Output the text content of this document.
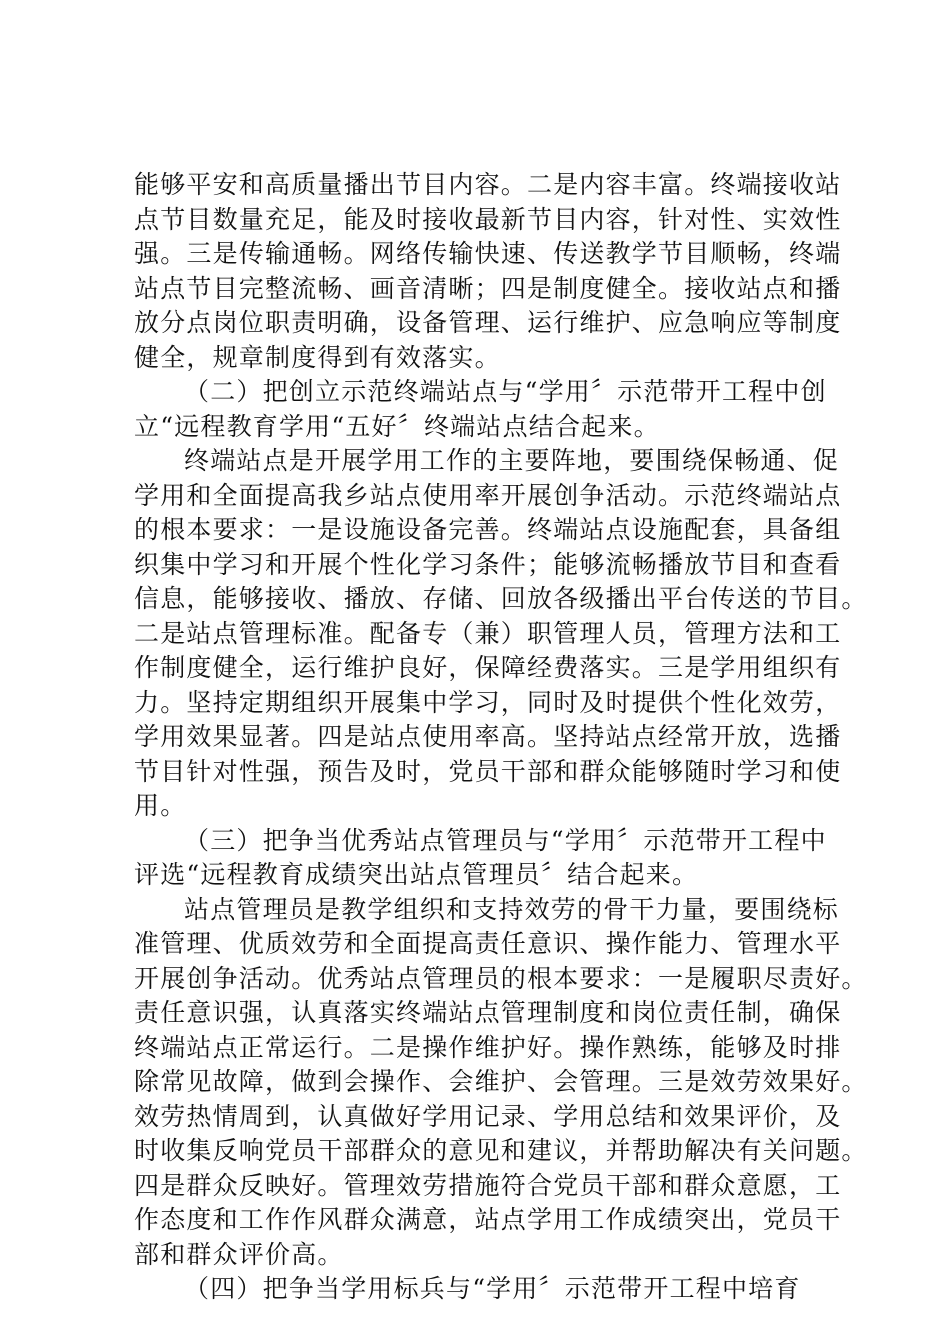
能够平安和高质量播出节目内容。二是内容丰富。终端接收站
点节目数量充足，能及时接收最新节目内容，针对性、实效性
强。三是传输通畅。网络传输快速、传送教学节目顺畅，终端
站点节目完整流畅、画音清晰；四是制度健全。接收站点和播
放分点岗位职责明确，设备管理、运行维护、应急响应等制度
健全，规章制度得到有效落实。
（二）把创立示范终端站点与“学用〞示范带开工程中创
立“远程教育学用“五好〞终端站点结合起来。
终端站点是开展学用工作的主要阵地，要围绕保畅通、促
学用和全面提高我乡站点使用率开展创争活动。示范终端站点
的根本要求：一是设施设备完善。终端站点设施配套，具备组
织集中学习和开展个性化学习条件；能够流畅播放节目和查看
信息，能够接收、播放、存储、回放各级播出平台传送的节目。
二是站点管理标准。配备专（兼）职管理人员，管理方法和工
作制度健全，运行维护良好，保障经费落实。三是学用组织有
力。坚持定期组织开展集中学习，同时及时提供个性化效劳，
学用效果显著。四是站点使用率高。坚持站点经常开放，选播
节目针对性强，预告及时，党员干部和群众能够随时学习和使
用。
（三）把争当优秀站点管理员与“学用〞示范带开工程中
评选“远程教育成绩突出站点管理员〞结合起来。
站点管理员是教学组织和支持效劳的骨干力量，要围绕标
准管理、优质效劳和全面提高责任意识、操作能力、管理水平
开展创争活动。优秀站点管理员的根本要求：一是履职尽责好。
责任意识强，认真落实终端站点管理制度和岗位责任制，确保
终端站点正常运行。二是操作维护好。操作熟练，能够及时排
除常见故障，做到会操作、会维护、会管理。三是效劳效果好。
效劳热情周到，认真做好学用记录、学用总结和效果评价，及
时收集反响党员干部群众的意见和建议，并帮助解决有关问题。
四是群众反映好。管理效劳措施符合党员干部和群众意愿，工
作态度和工作作风群众满意，站点学用工作成绩突出，党员干
部和群众评价高。
（四）把争当学用标兵与“学用〞示范带开工程中培育
